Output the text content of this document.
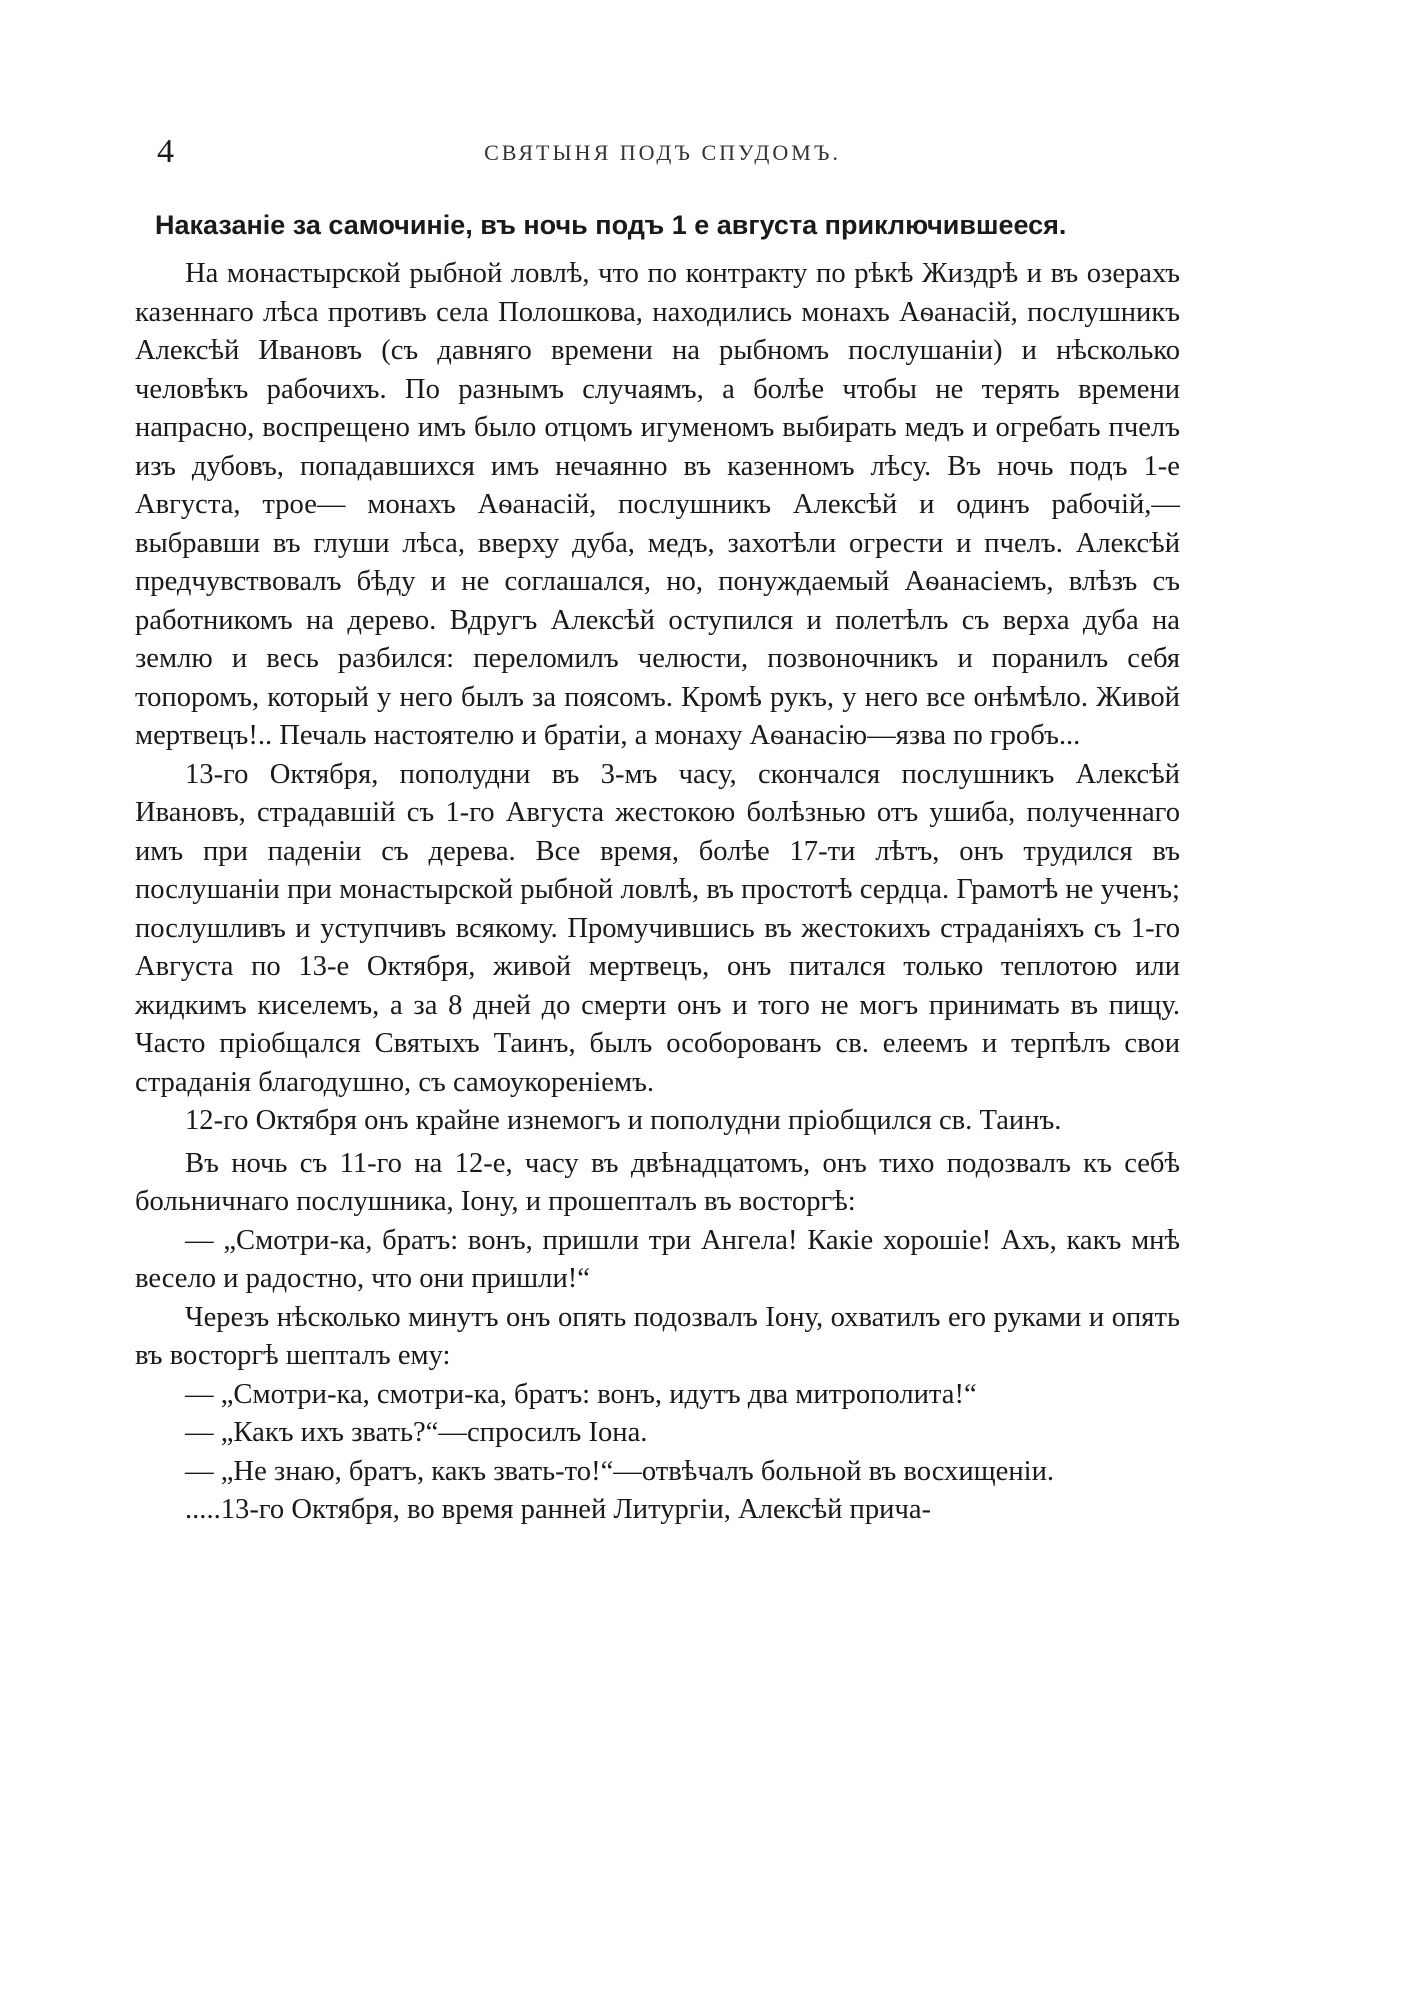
4	СВЯТЫНЯ ПОДЪ СПУДОМЪ.
Наказаніе за самочиніе, въ ночь подъ 1 е августа приключившееся.

На монастырской рыбной ловлѣ, что по контракту по рѣкѣ Жиздрѣ и въ озерахъ казеннаго лѣса противъ села Полошкова, находились монахъ Аѳанасій, послушникъ Алексѣй Ивановъ (съ давняго времени на рыбномъ послушаніи) и нѣсколько человѣкъ рабочихъ. По разнымъ случаямъ, а болѣе чтобы не терять времени напрасно, воспрещено имъ было отцомъ игуменомъ выбирать медъ и огребать пчелъ изъ дубовъ, попадавшихся имъ нечаянно въ казенномъ лѣсу. Въ ночь подъ 1-е Августа, трое— монахъ Аѳанасій, послушникъ Алексѣй и одинъ рабочій,—выбравши въ глуши лѣса, вверху дуба, медъ, захотѣли огрести и пчелъ. Алексѣй предчувствовалъ бѣду и не соглашался, но, понуждаемый Аѳанасіемъ, влѣзъ съ работникомъ на дерево. Вдругъ Алексѣй оступился и полетѣлъ съ верха дуба на землю и весь разбился: переломилъ челюсти, позвоночникъ и поранилъ себя топоромъ, который у него былъ за поясомъ. Кромѣ рукъ, у него все онѣмѣло. Живой мертвецъ!.. Печаль настоятелю и братіи, а монаху Аѳанасію—язва по гробъ...

13-го Октября, пополудни въ 3-мъ часу, скончался послушникъ Алексѣй Ивановъ, страдавшій съ 1-го Августа жестокою болѣзнью отъ ушиба, полученнаго имъ при паденіи съ дерева. Все время, болѣе 17-ти лѣтъ, онъ трудился въ послушаніи при монастырской рыбной ловлѣ, въ простотѣ сердца. Грамотѣ не ученъ; послушливъ и уступчивъ всякому. Промучившись въ жестокихъ страданіяхъ съ 1-го Августа по 13-е Октября, живой мертвецъ, онъ питался только теплотою или жидкимъ киселемъ, а за 8 дней до смерти онъ и того не могъ принимать въ пищу. Часто пріобщался Святыхъ Таинъ, былъ особорованъ св. елеемъ и терпѣлъ свои страданія благодушно, съ самоукореніемъ.

12-го Октября онъ крайне изнемогъ и пополудни пріобщился св. Таинъ.

Въ ночь съ 11-го на 12-е, часу въ двѣнадцатомъ, онъ тихо подозвалъ къ себѣ больничнаго послушника, Іону, и прошепталъ въ восторгѣ:

— „Смотри-ка, братъ: вонъ, пришли три Ангела! Какіе хорошіе! Ахъ, какъ мнѣ весело и радостно, что они пришли!“

Черезъ нѣсколько минутъ онъ опять подозвалъ Іону, охватилъ его руками и опять въ восторгѣ шепталъ ему:

— „Смотри-ка, смотри-ка, братъ: вонъ, идутъ два митрополита!“

— „Какъ ихъ звать?“—спросилъ Іона.

— „Не знаю, братъ, какъ звать-то!“—отвѣчалъ больной въ восхищеніи.

.....13-го Октября, во время ранней Литургіи, Алексѣй прича-
